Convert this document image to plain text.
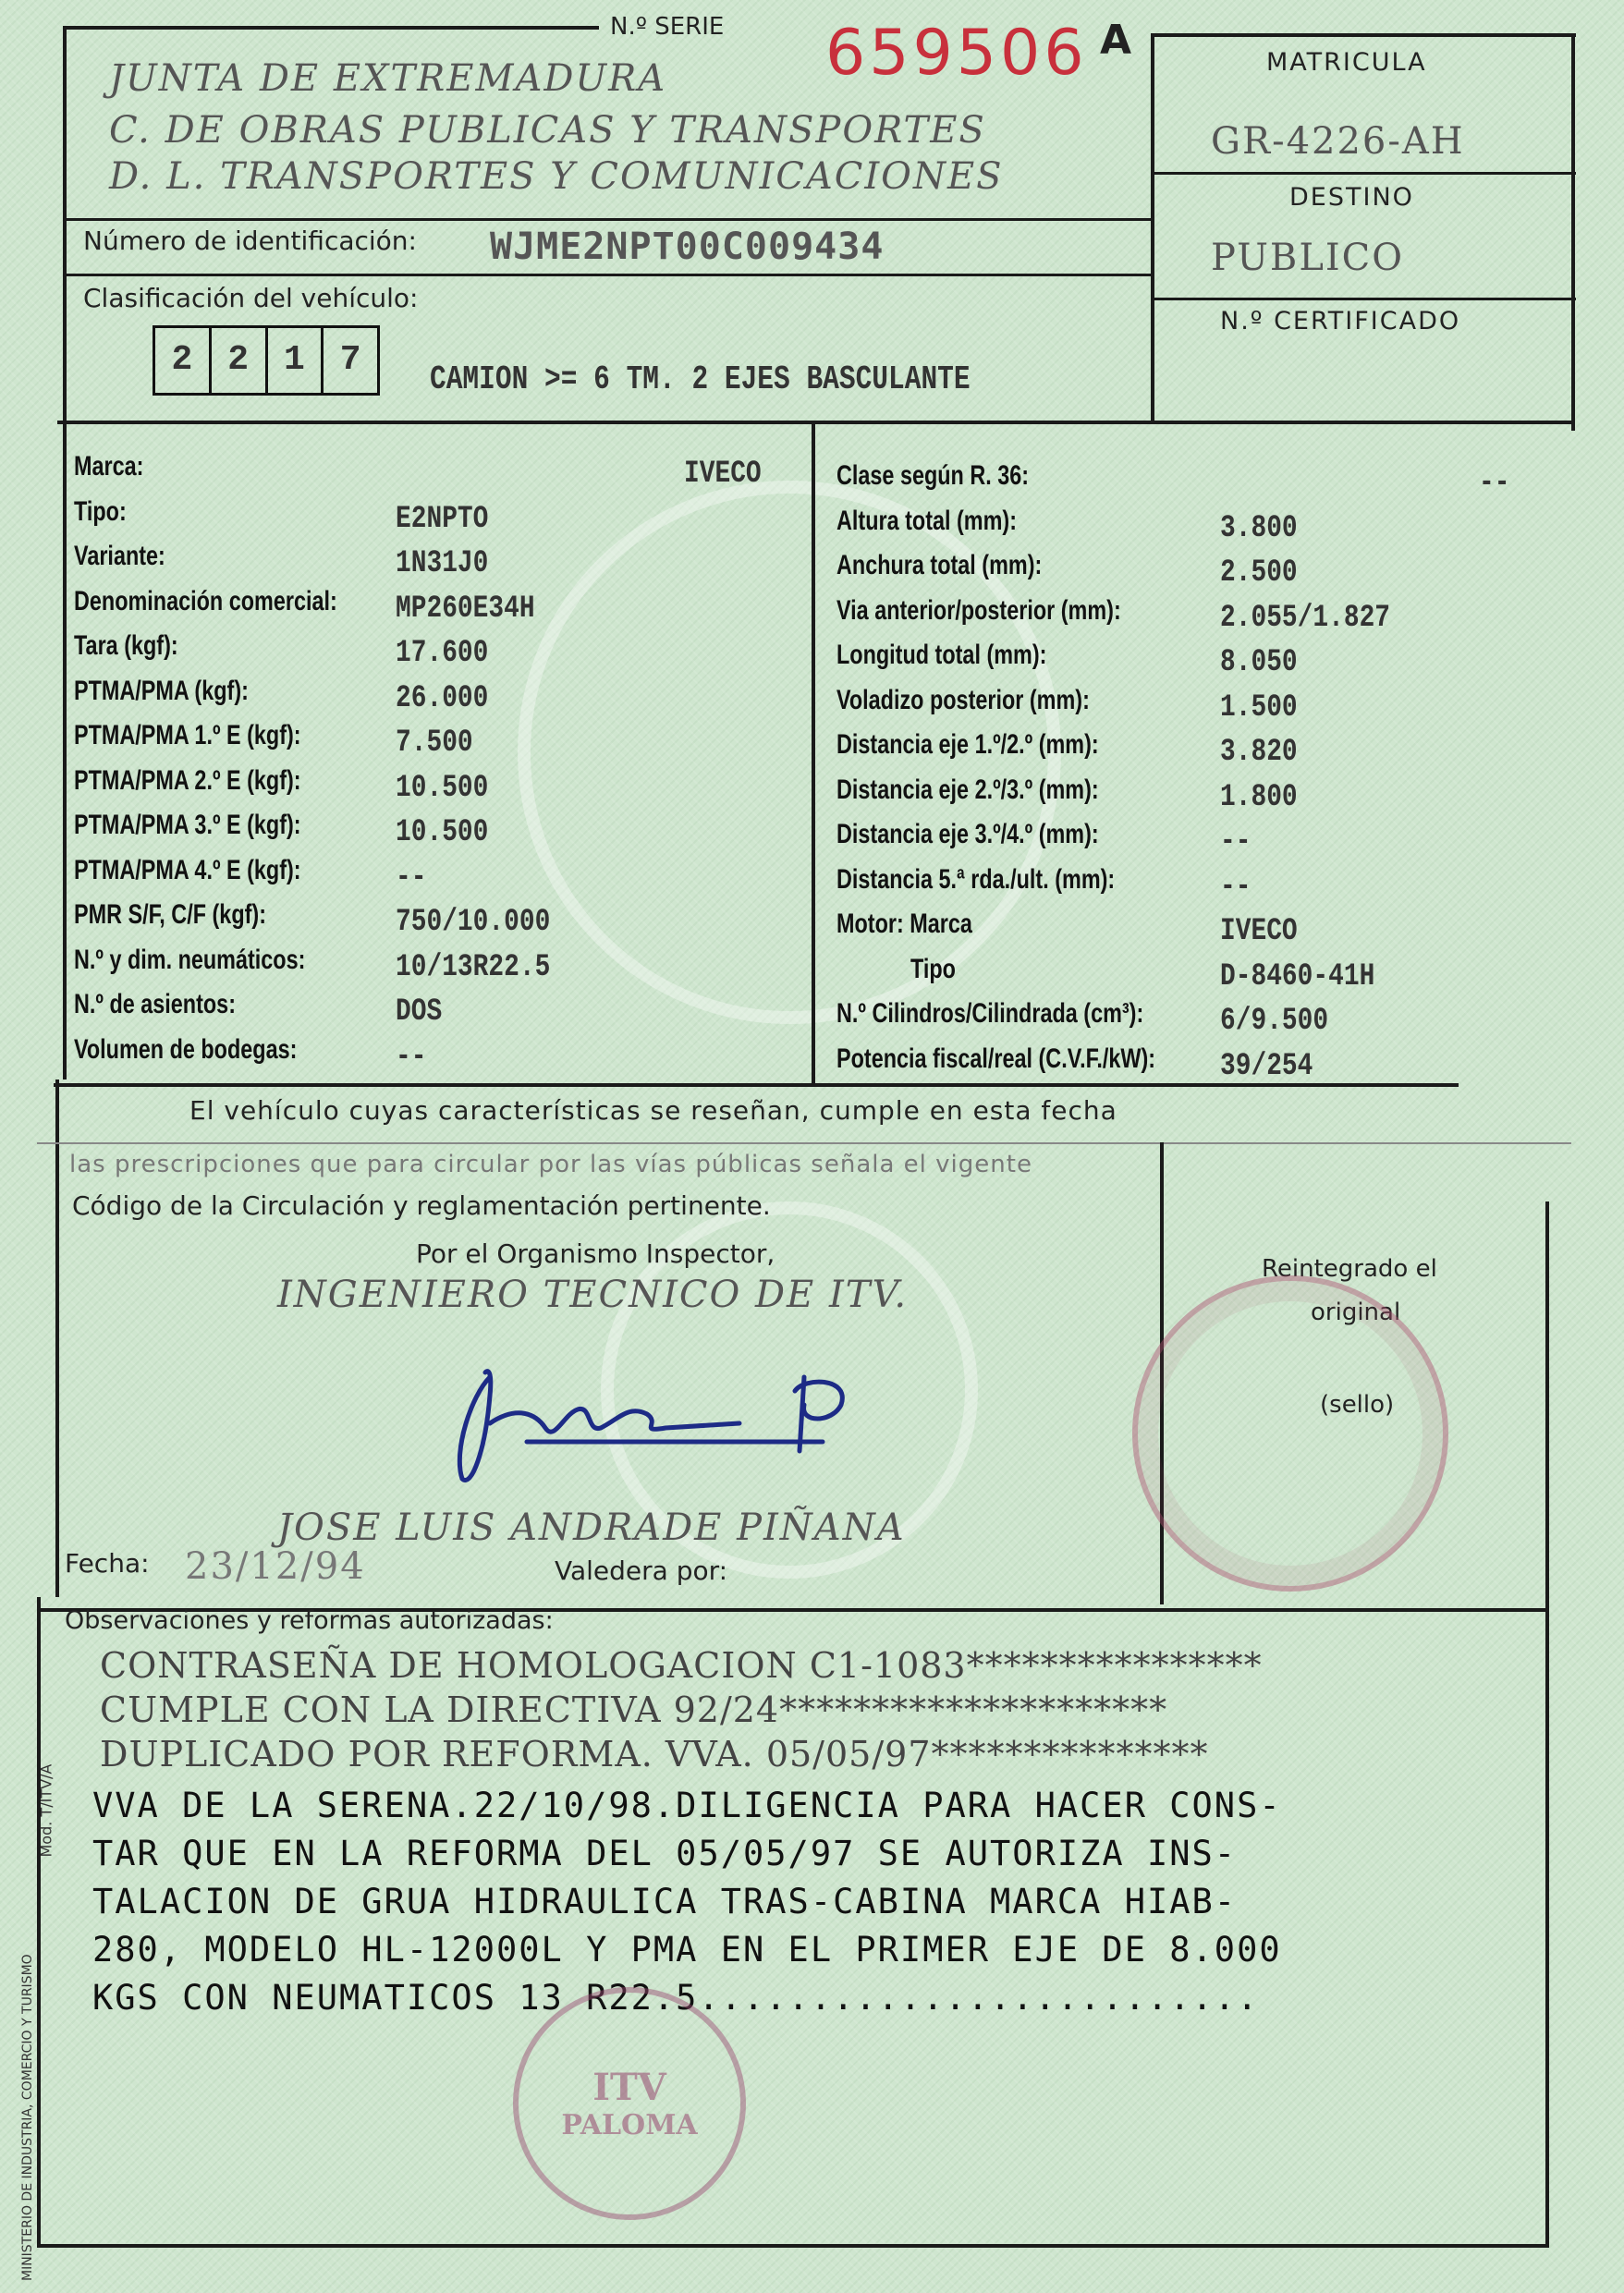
N.º SERIE 659506 A
JUNTA DE EXTREMADURA
C. DE OBRAS PUBLICAS Y TRANSPORTES
D. L. TRANSPORTES Y COMUNICACIONES
MATRICULA
GR-4226-AH
DESTINO
PUBLICO
N.º CERTIFICADO
Número de identificación: WJME2NPT00C009434
Clasificación del vehículo:
2 2 1 7	CAMION >= 6 TM. 2 EJES BASCULANTE
Marca:	IVECO
Tipo:	E2NPTO
Variante:	1N31J0
Denominación comercial: MP260E34H
Tara (kgf):	17.600
PTMA/PMA (kgf):	26.000
PTMA/PMA 1.º E (kgf):	7.500
PTMA/PMA 2.º E (kgf):	10.500
PTMA/PMA 3.º E (kgf):	10.500
PTMA/PMA 4.º E (kgf):	--
PMR S/F, C/F (kgf):	750/10.000
N.º y dim. neumáticos:	10/13R22.5
N.º de asientos:	DOS
Volumen de bodegas:	--
Clase según R. 36:	--
Altura total (mm):	3.800
Anchura total (mm):	2.500
Via anterior/posterior (mm):	2.055/1.827
Longitud total (mm):	8.050
Voladizo posterior (mm):	1.500
Distancia eje 1.º/2.º (mm):	3.820
Distancia eje 2.º/3.º (mm):	1.800
Distancia eje 3.º/4.º (mm):	--
Distancia 5.ª rda./ult. (mm):	--
Motor: Marca	IVECO
Tipo	D-8460-41H
N.º Cilindros/Cilindrada (cm³): 6/9.500
Potencia fiscal/real (C.V.F./kW): 39/254
El vehículo cuyas características se reseñan, cumple en esta fecha
las prescripciones que para circular por las vías públicas señala el vigente
Código de la Circulación y reglamentación pertinente.
Por el Organismo Inspector,
INGENIERO TECNICO DE ITV.
JOSE LUIS ANDRADE PIÑANA
Fecha: 23/12/94	Valedera por:
Reintegrado el
original
(sello)
Observaciones y reformas autorizadas:
CONTRASEÑA DE HOMOLOGACION C1-1083****************
CUMPLE CON LA DIRECTIVA 92/24*********************
DUPLICADO POR REFORMA. VVA. 05/05/97***************
VVA DE LA SERENA.22/10/98.DILIGENCIA PARA HACER CONS-
TAR QUE EN LA REFORMA DEL 05/05/97 SE AUTORIZA INS-
TALACION DE GRUA HIDRAULICA TRAS-CABINA MARCA HIAB-
280, MODELO HL-12000L Y PMA EN EL PRIMER EJE DE 8.000
KGS CON NEUMATICOS 13 R22.5.........................
ITV
PALOMA
MINISTERIO DE INDUSTRIA, COMERCIO Y TURISMO
Mod. T/ITV/A
